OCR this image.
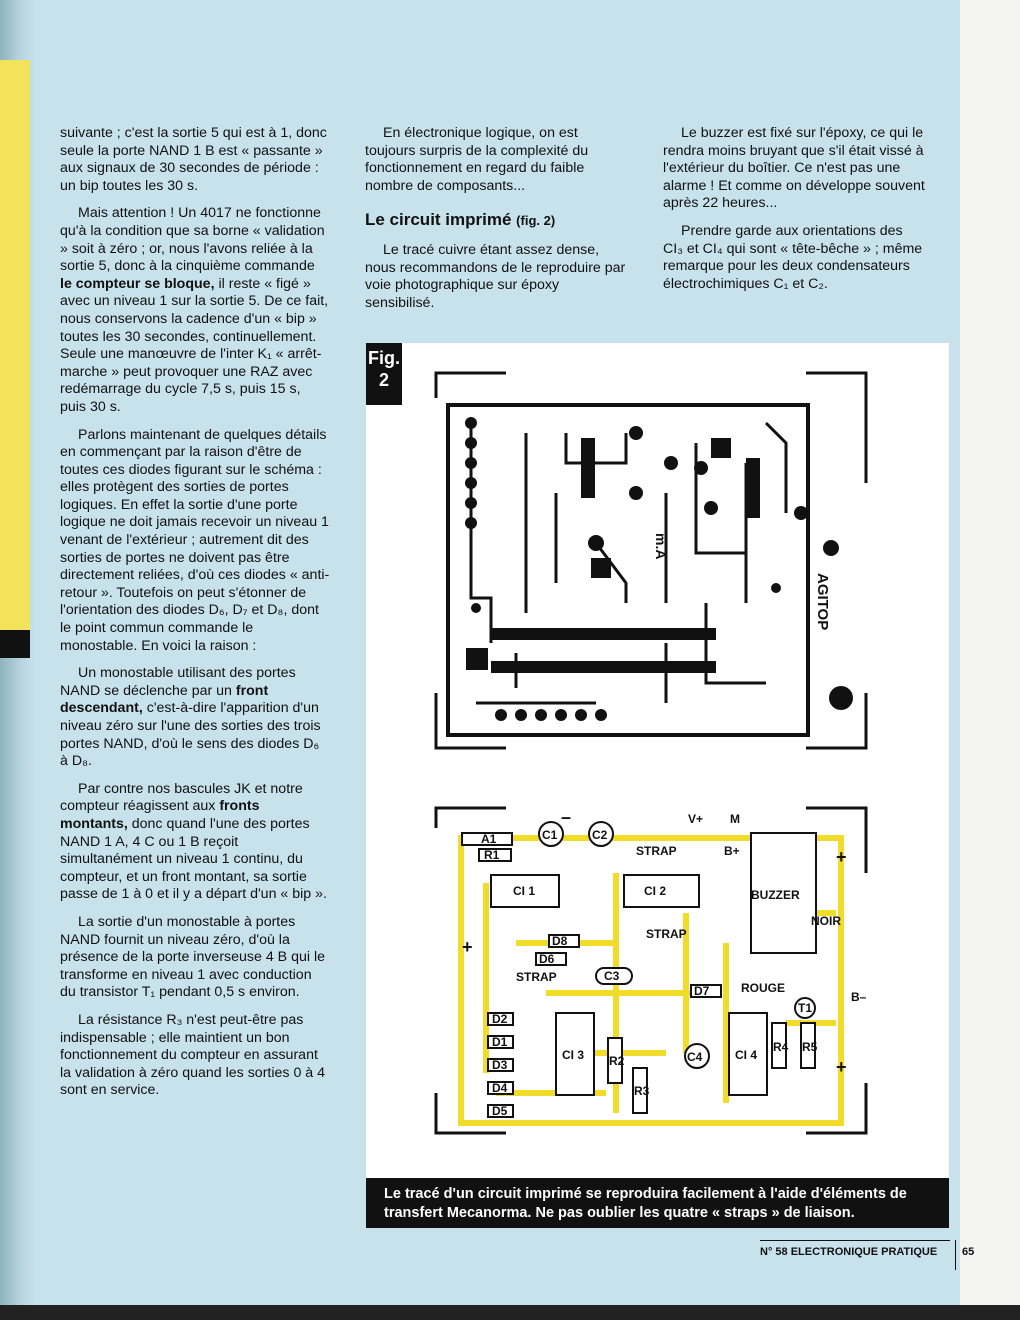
suivante ; c'est la sortie 5 qui est à 1, donc seule la porte NAND 1 B est « passante » aux signaux de 30 secondes de période : un bip toutes les 30 s.

Mais attention ! Un 4017 ne fonctionne qu'à la condition que sa borne « validation » soit à zéro ; or, nous l'avons reliée à la sortie 5, donc à la cinquième commande le compteur se bloque, il reste « figé » avec un niveau 1 sur la sortie 5. De ce fait, nous conservons la cadence d'un « bip » toutes les 30 secondes, continuellement. Seule une manœuvre de l'inter K₁ « arrêt-marche » peut provoquer une RAZ avec redémarrage du cycle 7,5 s, puis 15 s, puis 30 s.

Parlons maintenant de quelques détails en commençant par la raison d'être de toutes ces diodes figurant sur le schéma : elles protègent des sorties de portes logiques. En effet la sortie d'une porte logique ne doit jamais recevoir un niveau 1 venant de l'extérieur ; autrement dit des sorties de portes ne doivent pas être directement reliées, d'où ces diodes « anti-retour ». Toutefois on peut s'étonner de l'orientation des diodes D₆, D₇ et D₈, dont le point commun commande le monostable. En voici la raison :

Un monostable utilisant des portes NAND se déclenche par un front descendant, c'est-à-dire l'apparition d'un niveau zéro sur l'une des sorties des trois portes NAND, d'où le sens des diodes D₆ à D₈.

Par contre nos bascules JK et notre compteur réagissent aux fronts montants, donc quand l'une des portes NAND 1 A, 4 C ou 1 B reçoit simultanément un niveau 1 continu, du compteur, et un front montant, sa sortie passe de 1 à 0 et il y a départ d'un « bip ».

La sortie d'un monostable à portes NAND fournit un niveau zéro, d'où la présence de la porte inverseuse 4 B qui le transforme en niveau 1 avec conduction du transistor T₁ pendant 0,5 s environ.

La résistance R₃ n'est peut-être pas indispensable ; elle maintient un bon fonctionnement du compteur en assurant la validation à zéro quand les sorties 0 à 4 sont en service.

En électronique logique, on est toujours surpris de la complexité du fonctionnement en regard du faible nombre de composants...

Le circuit imprimé (fig. 2)

Le tracé cuivre étant assez dense, nous recommandons de le reproduire par voie photographique sur époxy sensibilisé.

Le buzzer est fixé sur l'époxy, ce qui le rendra moins bruyant que s'il était vissé à l'extérieur du boîtier. Ce n'est pas une alarme ! Et comme on développe souvent après 22 heures...

Prendre garde aux orientations des CI₃ et CI₄ qui sont « tête-bêche » ; même remarque pour les deux condensateurs électrochimiques C₁ et C₂.

AGITOP
m.A
A1
R1
C1	C2
STRAP
V+ M
B+
CI 1	CI 2	BUZZER
NOIR
STRAP
D8
D6
STRAP	C3
D7	ROUGE
T1
B–
D2
D1
D3
D4
D5
CI 3	CI 4
R2
R3
R4 R5
C4
+
+
+
–
Fig.
2
Le tracé d'un circuit imprimé se reproduira facilement à l'aide d'éléments de transfert Mecanorma. Ne pas oublier les quatre « straps » de liaison.
N° 58 ELECTRONIQUE PRATIQUE 65
